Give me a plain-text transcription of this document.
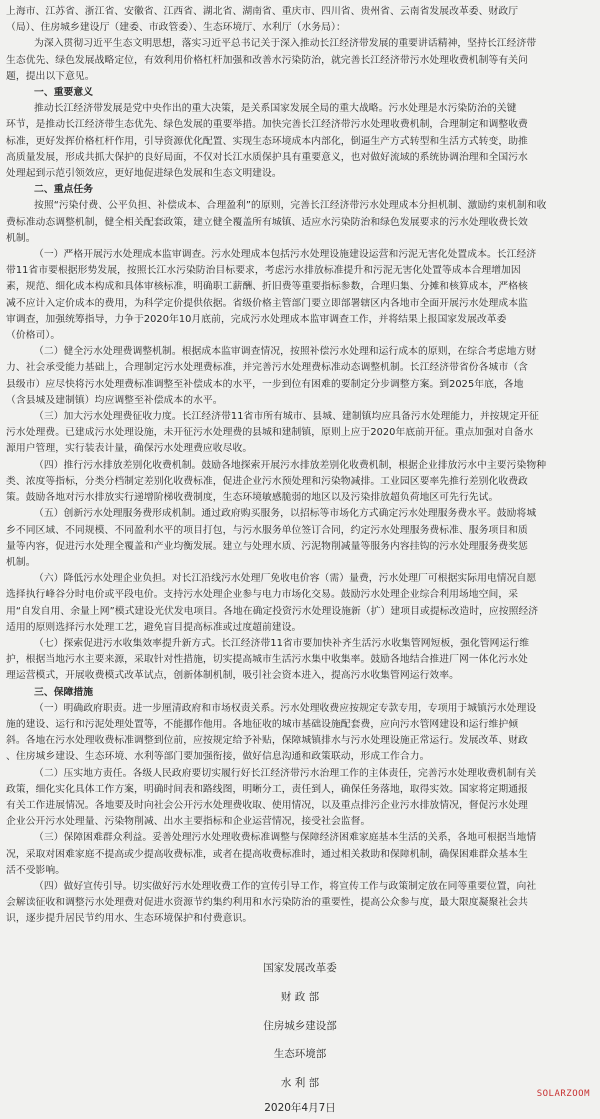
上海市、江苏省、浙江省、安徽省、江西省、湖北省、湖南省、重庆市、四川省、贵州省、云南省发展改革委、财政厅
（局）、住房城乡建设厅（建委、市政管委）、生态环境厅、水利厅（水务局）：
为深入贯彻习近平生态文明思想，落实习近平总书记关于深入推动长江经济带发展的重要讲话精神，坚持长江经济带
生态优先、绿色发展战略定位，有效利用价格杠杆加强和改善水污染防治，就完善长江经济带污水处理收费机制等有关问
题，提出以下意见。
一、重要意义
推动长江经济带发展是党中央作出的重大决策，是关系国家发展全局的重大战略。污水处理是水污染防治的关键
环节，是推动长江经济带生态优先、绿色发展的重要举措。加快完善长江经济带污水处理收费机制，合理制定和调整收费
标准，更好发挥价格杠杆作用，引导资源优化配置、实现生态环境成本内部化，倒逼生产方式转型和生活方式转变，助推
高质量发展，形成共抓大保护的良好局面，不仅对长江水质保护具有重要意义，也对做好流域的系统协调治理和全国污水
处理起到示范引领效应，更好地促进绿色发展和生态文明建设。
二、重点任务
按照“污染付费、公平负担、补偿成本、合理盈利”的原则，完善长江经济带污水处理成本分担机制、激励约束机制和收
费标准动态调整机制，健全相关配套政策，建立健全覆盖所有城镇、适应水污染防治和绿色发展要求的污水处理收费长效
机制。
（一）严格开展污水处理成本监审调查。污水处理成本包括污水处理设施建设运营和污泥无害化处置成本。长江经济
带11省市要根据形势发展，按照长江水污染防治目标要求，考虑污水排放标准提升和污泥无害化处置等成本合理增加因
素，规范、细化成本构成和具体审核标准，明确职工薪酬、折旧费等重要指标参数，合理归集、分摊和核算成本，严格核
减不应计入定价成本的费用，为科学定价提供依据。省级价格主管部门要立即部署辖区内各地市全面开展污水处理成本监
审调查，加强统筹指导，力争于2020年10月底前，完成污水处理成本监审调查工作，并将结果上报国家发展改革委
（价格司）。
（二）健全污水处理费调整机制。根据成本监审调查情况，按照补偿污水处理和运行成本的原则，在综合考虑地方财
力、社会承受能力基础上，合理制定污水处理费标准，并完善污水处理费标准动态调整机制。长江经济带省份各城市（含
县级市）应尽快将污水处理费标准调整至补偿成本的水平，一步到位有困难的要制定分步调整方案。到2025年底，各地
（含县城及建制镇）均应调整至补偿成本的水平。
（三）加大污水处理费征收力度。长江经济带11省市所有城市、县城、建制镇均应具备污水处理能力，并按规定开征
污水处理费。已建成污水处理设施，未开征污水处理费的县城和建制镇，原则上应于2020年底前开征。重点加强对自备水
源用户管理，实行装表计量，确保污水处理费应收尽收。
（四）推行污水排放差别化收费机制。鼓励各地探索开展污水排放差别化收费机制，根据企业排放污水中主要污染物种
类、浓度等指标，分类分档制定差别化收费标准，促进企业污水预处理和污染物减排。工业园区要率先推行差别化收费政
策。鼓励各地对污水排放实行递增阶梯收费制度，生态环境敏感脆弱的地区以及污染排放超负荷地区可先行先试。
（五）创新污水处理服务费形成机制。通过政府购买服务，以招标等市场化方式确定污水处理服务费水平。鼓励将城
乡不同区域、不同规模、不同盈利水平的项目打包，与污水服务单位签订合同，约定污水处理服务费标准、服务项目和质
量等内容，促进污水处理全覆盖和产业均衡发展。建立与处理水质、污泥物削减量等服务内容挂钩的污水处理服务费奖惩
机制。
（六）降低污水处理企业负担。对长江沿线污水处理厂免收电价容（需）量费，污水处理厂可根据实际用电情况自愿
选择执行峰谷分时电价或平段电价。支持污水处理企业参与电力市场化交易。鼓励污水处理企业综合利用场地空间，采
用“自发自用、余量上网”模式建设光伏发电项目。各地在确定投资污水处理设施新（扩）建项目或提标改造时，应按照经济
适用的原则选择污水处理工艺，避免盲目提高标准或过度超前建设。
（七）探索促进污水收集效率提升新方式。长江经济带11省市要加快补齐生活污水收集管网短板，强化管网运行维
护，根据当地污水主要来源，采取针对性措施，切实提高城市生活污水集中收集率。鼓励各地结合推进厂网一体化污水处
理运营模式，开展收费模式改革试点，创新体制机制，吸引社会资本进入，提高污水收集管网运行效率。
三、保障措施
（一）明确政府职责。进一步厘清政府和市场权责关系。污水处理收费应按规定专款专用，专项用于城镇污水处理设
施的建设、运行和污泥处理处置等，不能挪作他用。各地征收的城市基础设施配套费，应向污水管网建设和运行维护倾
斜。各地在污水处理收费标准调整到位前，应按规定给予补贴，保障城镇排水与污水处理设施正常运行。发展改革、财政
、住房城乡建设、生态环境、水利等部门要加强衔接，做好信息沟通和政策联动，形成工作合力。
（二）压实地方责任。各级人民政府要切实履行好长江经济带污水治理工作的主体责任，完善污水处理收费机制有关
政策，细化实化具体工作方案，明确时间表和路线图，明晰分工，责任到人，确保任务落地，取得实效。国家将定期通报
有关工作进展情况。各地要及时向社会公开污水处理费收取、使用情况，以及重点排污企业污水排放情况，督促污水处理
企业公开污水处理量、污染物削减、出水主要指标和企业运营情况，接受社会监督。
（三）保障困难群众利益。妥善处理污水处理收费标准调整与保障经济困难家庭基本生活的关系，各地可根据当地情
况，采取对困难家庭不提高或少提高收费标准，或者在提高收费标准时，通过相关救助和保障机制，确保困难群众基本生
活不受影响。
（四）做好宣传引导。切实做好污水处理收费工作的宣传引导工作，将宣传工作与政策制定放在同等重要位置，向社
会解读征收和调整污水处理费对促进水资源节约集约利用和水污染防治的重要性，提高公众参与度，最大限度凝聚社会共
识，逐步提升居民节约用水、生态环境保护和付费意识。
国家发展改革委
财 政 部
住房城乡建设部
生态环境部
水 利 部
2020年4月7日
SOLARZOOM
